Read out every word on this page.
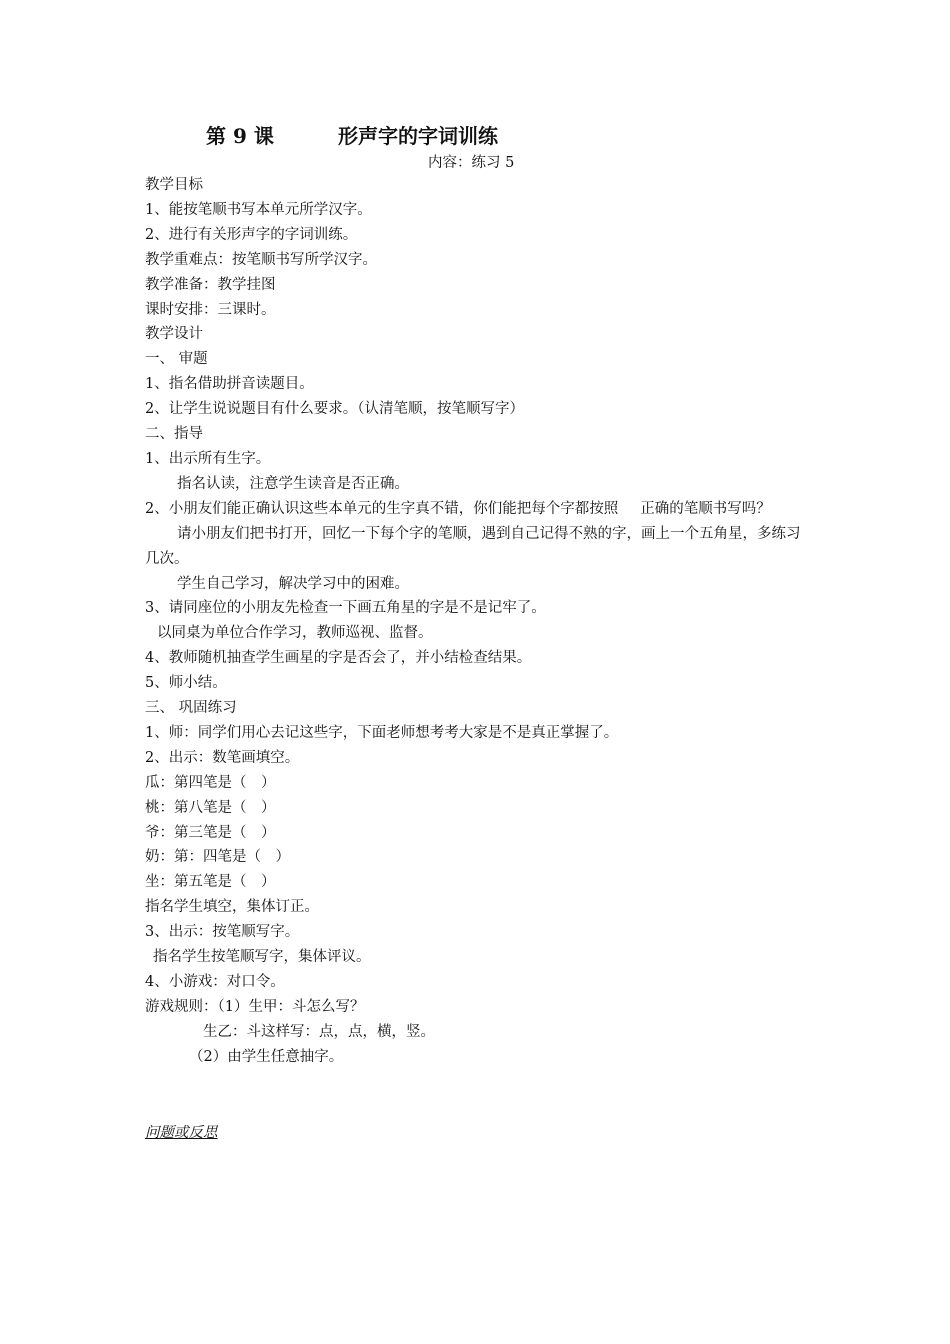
第 9 课	形声字的字词训练
内容：练习 5
教学目标
1、能按笔顺书写本单元所学汉字。
2、进行有关形声字的字词训练。
教学重难点：按笔顺书写所学汉字。
教学准备：教学挂图
课时安排：三课时。
教学设计
一、 审题
1、指名借助拼音读题目。
2、让学生说说题目有什么要求。（认清笔顺，按笔顺写字）
二、指导
1、出示所有生字。
指名认读，注意学生读音是否正确。
2、小朋友们能正确认识这些本单元的生字真不错，你们能把每个字都按照 正确的笔顺书写吗？
请小朋友们把书打开，回忆一下每个字的笔顺，遇到自己记得不熟的字，画上一个五角星，多练习几次。
学生自己学习，解决学习中的困难。
3、请同座位的小朋友先检查一下画五角星的字是不是记牢了。
以同桌为单位合作学习，教师巡视、监督。
4、教师随机抽查学生画星的字是否会了，并小结检查结果。
5、师小结。
三、 巩固练习
1、师：同学们用心去记这些字，下面老师想考考大家是不是真正掌握了。
2、出示：数笔画填空。
瓜：第四笔是（　）
桃：第八笔是（　）
爷：第三笔是（　）
奶：第：四笔是（　）
坐：第五笔是（　）
指名学生填空，集体订正。
3、出示：按笔顺写字。
指名学生按笔顺写字，集体评议。
4、小游戏：对口令。
游戏规则：（1）生甲：斗怎么写？
生乙：斗这样写：点，点，横，竖。
（2）由学生任意抽字。
问题或反思
